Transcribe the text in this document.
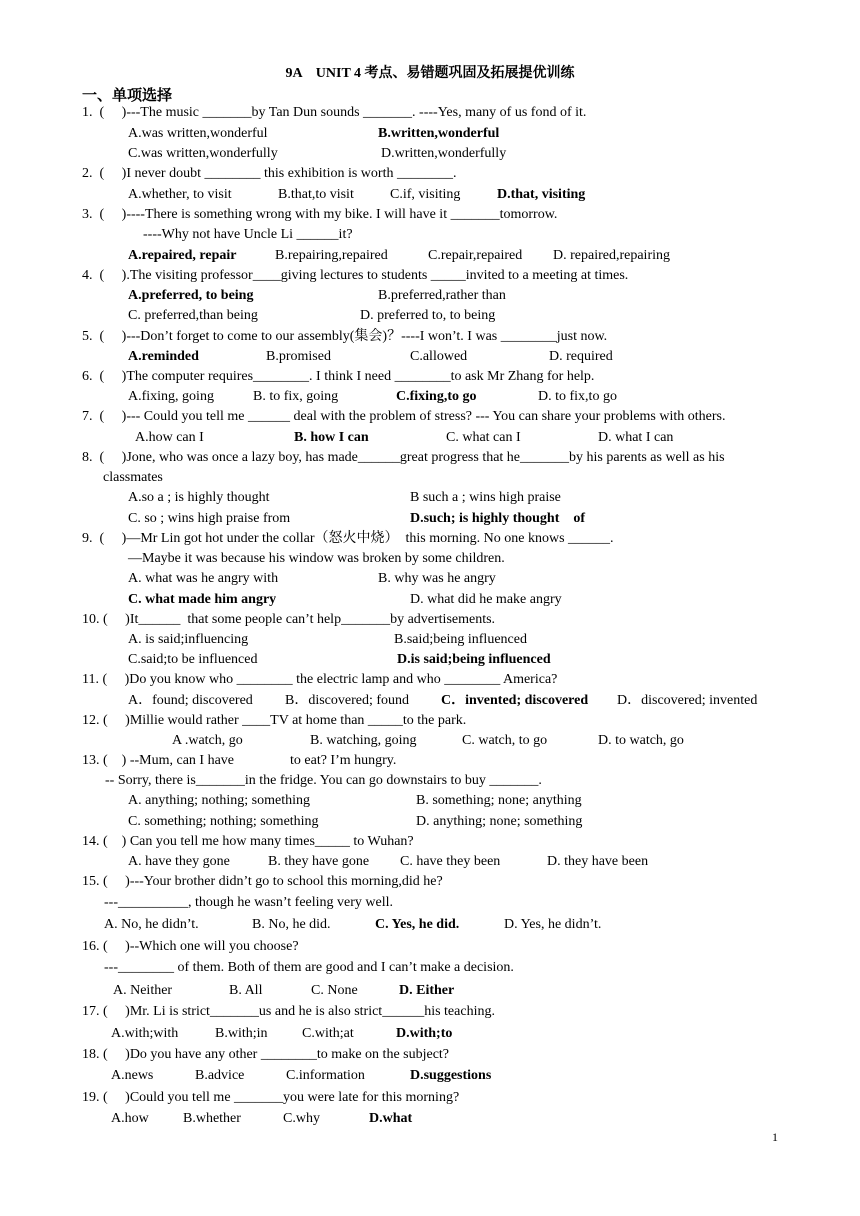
9A　UNIT 4 考点、易错题巩固及拓展提优训练
一、单项选择
1.  (     )---The music _______by Tan Dun sounds _______. ----Yes, many of us fond of it.
A.was written,wonderful	B.written,wonderful
C.was written,wonderfully	D.written,wonderfully
2.  (     )I never doubt ________ this exhibition is worth ________.
A.whether, to visit	B.that,to visit	C.if, visiting	D.that, visiting
3.  (     )----There is something wrong with my bike. I will have it _______tomorrow.
----Why not have Uncle Li ______it?
A.repaired, repair	B.repairing,repaired	C.repair,repaired D. repaired,repairing
4.  (     ).The visiting professor____giving lectures to students _____invited to a meeting at times.
A.preferred, to being	B.preferred,rather than
C. preferred,than being	D. preferred to, to being
5.  (     )---Don’t forget to come to our assembly(集会)？----I won’t. I was ________just now.
A.reminded	B.promised	C.allowed	D. required
6.  (     )The computer requires________. I think I need ________to ask Mr Zhang for help.
A.fixing, going	B. to fix, going	C.fixing,to go	D. to fix,to go
7.  (     )--- Could you tell me ______ deal with the problem of stress? --- You can share your problems with others.
A.how can I	B. how I can	C. what can I	D. what I can
8.  (     )Jone, who was once a lazy boy, has made______great progress that he_______by his parents as well as his
classmates
A.so a ; is highly thought	B such a ; wins high praise
C. so ; wins high praise from	D.such; is highly thought    of
9.  (     )—Mr Lin got hot under the collar（怒火中烧）  this morning. No one knows ______.
—Maybe it was because his window was broken by some children.
A. what was he angry with	B. why was he angry
C. what made him angry	D. what did he make angry
10. (     )It______  that some people can’t help_______by advertisements.
A. is said;influencing	B.said;being influenced
C.said;to be influenced	D.is said;being influenced
11. (     )Do you know who ________ the electric lamp and who ________ America?
A．found; discovered B．discovered; found C．invented; discovered D．discovered; invented
12. (     )Millie would rather ____TV at home than _____to the park.
A .watch, go	B. watching, going	C. watch, to go	D. to watch, go
13. (    ) --Mum, can I have                to eat? I’m hungry.
-- Sorry, there is_______in the fridge. You can go downstairs to buy _______.
A. anything; nothing; something	B. something; none; anything
C. something; nothing; something	D. anything; none; something
14. (    ) Can you tell me how many times_____ to Wuhan?
A. have they gone	B. they have gone C. have they been	D. they have been
15. (     )---Your brother didn’t go to school this morning,did he?
---__________, though he wasn’t feeling very well.
A. No, he didn’t.	B. No, he did.	C. Yes, he did.	D. Yes, he didn’t.
16. (     )--Which one will you choose?
---________ of them. Both of them are good and I can’t make a decision.
A. Neither	B. All	C. None	D. Either
17. (     )Mr. Li is strict_______us and he is also strict______his teaching.
A.with;with	B.with;in C.with;at	D.with;to
18. (     )Do you have any other ________to make on the subject?
A.news	B.advice	C.information	D.suggestions
19. (     )Could you tell me _______you were late for this morning?
A.how B.whether	C.why	D.what
1
